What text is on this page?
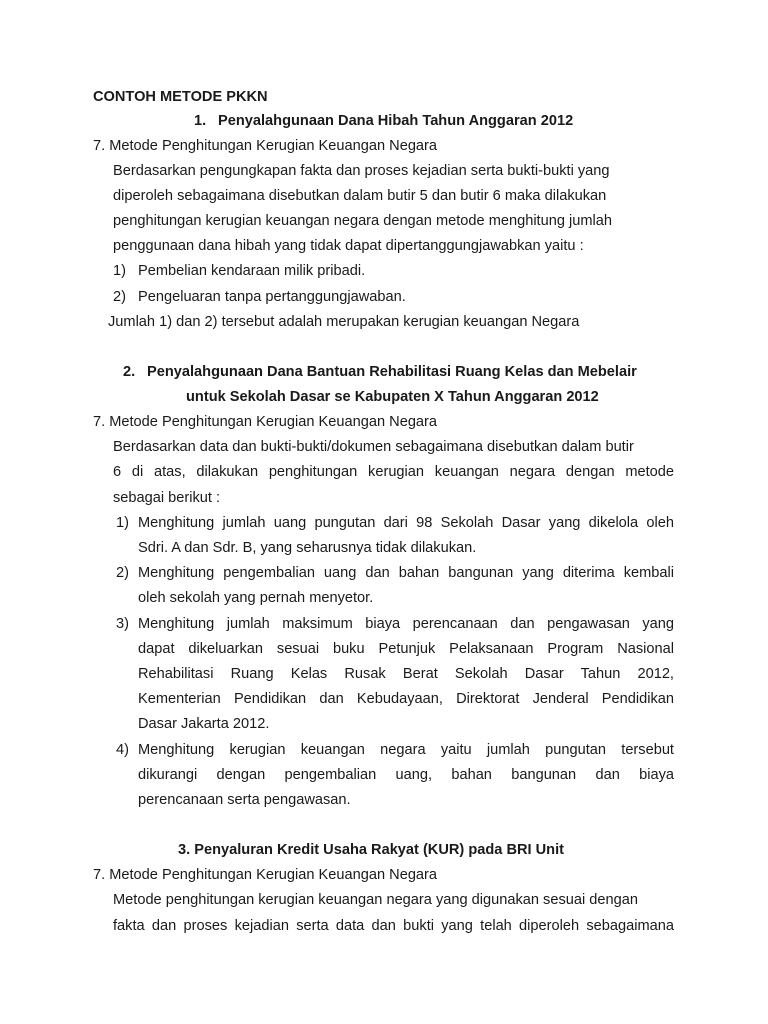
CONTOH METODE PKKN
1. Penyalahgunaan Dana Hibah Tahun Anggaran 2012
7. Metode Penghitungan Kerugian Keuangan Negara
Berdasarkan pengungkapan fakta dan proses kejadian serta bukti-bukti yang
diperoleh sebagaimana disebutkan dalam butir 5 dan butir 6 maka dilakukan
penghitungan kerugian keuangan negara dengan metode menghitung jumlah
penggunaan dana hibah yang tidak dapat dipertanggungjawabkan yaitu :
1) Pembelian kendaraan milik pribadi.
2) Pengeluaran tanpa pertanggungjawaban.
Jumlah 1) dan 2) tersebut adalah merupakan kerugian keuangan Negara
2. Penyalahgunaan Dana Bantuan Rehabilitasi Ruang Kelas dan Mebelair
untuk Sekolah Dasar se Kabupaten X Tahun Anggaran 2012
7. Metode Penghitungan Kerugian Keuangan Negara
Berdasarkan data dan bukti-bukti/dokumen sebagaimana disebutkan dalam butir
6 di atas, dilakukan penghitungan kerugian keuangan negara dengan metode
sebagai berikut :
1) Menghitung jumlah uang pungutan dari 98 Sekolah Dasar yang dikelola oleh
Sdri. A dan Sdr. B, yang seharusnya tidak dilakukan.
2) Menghitung pengembalian uang dan bahan bangunan yang diterima kembali
oleh sekolah yang pernah menyetor.
3) Menghitung jumlah maksimum biaya perencanaan dan pengawasan yang
dapat dikeluarkan sesuai buku Petunjuk Pelaksanaan Program Nasional
Rehabilitasi Ruang Kelas Rusak Berat Sekolah Dasar Tahun 2012,
Kementerian Pendidikan dan Kebudayaan, Direktorat Jenderal Pendidikan
Dasar Jakarta 2012.
4) Menghitung kerugian keuangan negara yaitu jumlah pungutan tersebut
dikurangi dengan pengembalian uang, bahan bangunan dan biaya
perencanaan serta pengawasan.
3. Penyaluran Kredit Usaha Rakyat (KUR) pada BRI Unit
7. Metode Penghitungan Kerugian Keuangan Negara
Metode penghitungan kerugian keuangan negara yang digunakan sesuai dengan
fakta dan proses kejadian serta data dan bukti yang telah diperoleh sebagaimana
